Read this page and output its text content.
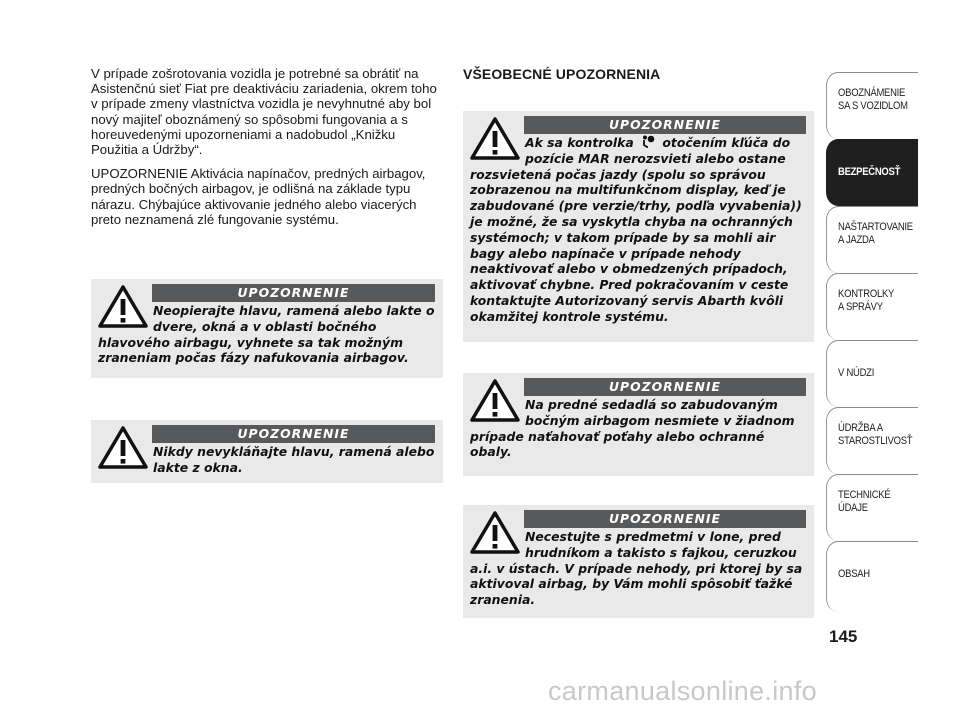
V prípade zošrotovania vozidla je potrebné sa obrátiť na Asistenčnú sieť Fiat pre deaktiváciu zariadenia, okrem toho v prípade zmeny vlastníctva vozidla je nevyhnutné aby bol nový majiteľ oboznámený so spôsobmi fungovania a s horeuvedenými upozorneniami a nadobudol „Knižku Použitia a Údržby“.

UPOZORNENIE Aktivácia napínačov, predných airbagov, predných bočných airbagov, je odlišná na základe typu nárazu. Chýbajúce aktivovanie jedného alebo viacerých preto neznamená zlé fungovanie systému.

UPOZORNENIE
Neopierajte hlavu, ramená alebo lakte o dvere, okná a v oblasti bočného hlavového airbagu, vyhnete sa tak možným zraneniam počas fázy nafukovania airbagov.
UPOZORNENIE
Nikdy nevykláňajte hlavu, ramená alebo lakte z okna.
VŠEOBECNÉ UPOZORNENIA
UPOZORNENIE
Ak sa kontrolka otočením kľúča do pozície MAR nerozsvieti alebo ostane rozsvietená počas jazdy (spolu so správou zobrazenou na multifunkčnom display, keď je zabudované (pre verzie/trhy, podľa vyvabenia)) je možné, že sa vyskytla chyba na ochranných systémoch; v takom prípade by sa mohli air bagy alebo napínače v prípade nehody neaktivovať alebo v obmedzených prípadoch, aktivovať chybne. Pred pokračovaním v ceste kontaktujte Autorizovaný servis Abarth kvôli okamžitej kontrole systému.
UPOZORNENIE
Na predné sedadlá so zabudovaným bočným airbagom nesmiete v žiadnom prípade naťahovať poťahy alebo ochranné obaly.
UPOZORNENIE
Necestujte s predmetmi v lone, pred hrudníkom a takisto s fajkou, ceruzkou a.i. v ústach. V prípade nehody, pri ktorej by sa aktivoval airbag, by Vám mohli spôsobiť ťažké zranenia.
OBOZNÁMENIE
SA S VOZIDLOM
BEZPEČNOSŤ
NAŠTARTOVANIE
A JAZDA
KONTROLKY
A SPRÁVY
V NÚDZI
ÚDRŽBA A
STAROSTLIVOSŤ
TECHNICKÉ
ÚDAJE
OBSAH
145
carmanualsonline.info
